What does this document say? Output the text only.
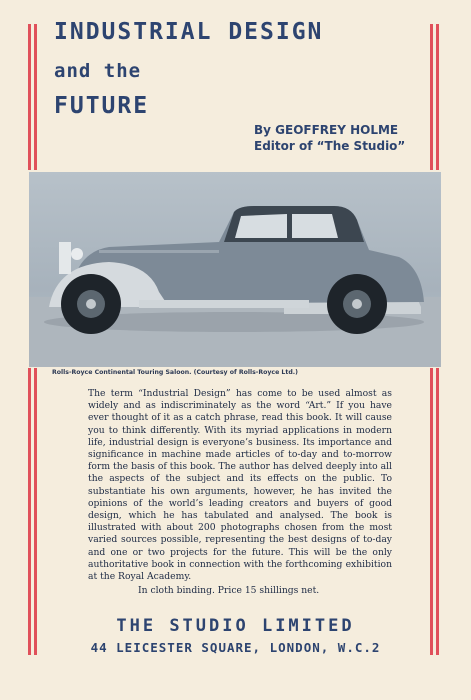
INDUSTRIAL DESIGN
and the
FUTURE
By GEOFFREY HOLME
Editor of “The Studio”
Rolls-Royce Continental Touring Saloon. (Courtesy of Rolls-Royce Ltd.)
The term “Industrial Design” has come to be used almost as widely and as indiscriminately as the word “Art.” If you have ever thought of it as a catch phrase, read this book. It will cause you to think differently. With its myriad applications in modern life, industrial design is everyone’s business. Its importance and significance in machine made articles of to-day and to-morrow form the basis of this book. The author has delved deeply into all the aspects of the subject and its effects on the public. To substantiate his own arguments, however, he has invited the opinions of the world’s leading creators and buyers of good design, which he has tabulated and analysed. The book is illustrated with about 200 photographs chosen from the most varied sources possible, representing the best designs of to-day and one or two projects for the future. This will be the only authoritative book in connection with the forthcoming exhibition at the Royal Academy.
In cloth binding. Price 15 shillings net.
THE STUDIO LIMITED
44 LEICESTER SQUARE, LONDON, W.C.2
